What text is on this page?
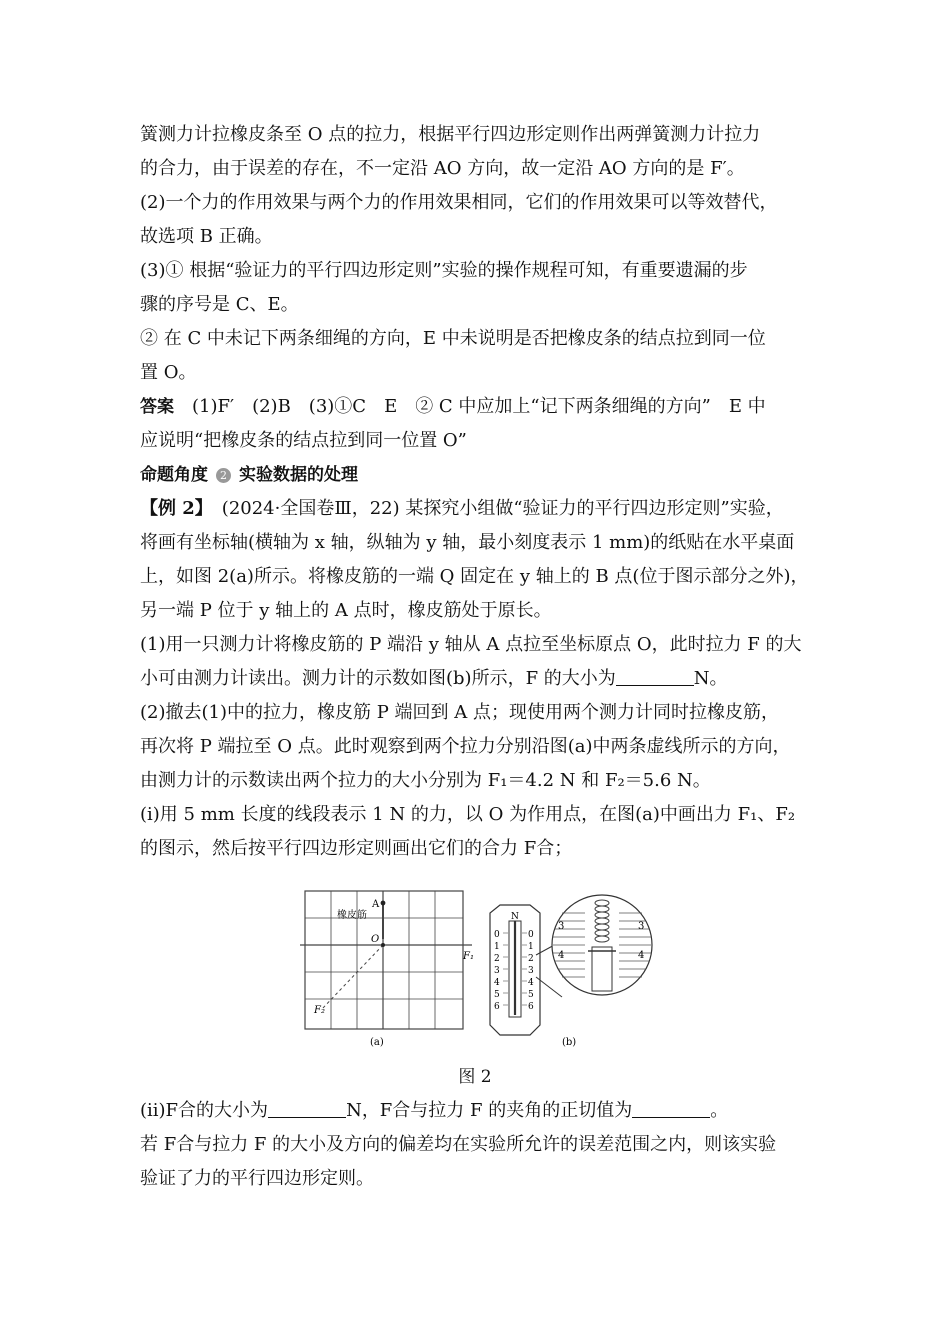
簧测力计拉橡皮条至 O 点的拉力，根据平行四边形定则作出两弹簧测力计拉力
的合力，由于误差的存在，不一定沿 AO 方向，故一定沿 AO 方向的是 F′。
(2)一个力的作用效果与两个力的作用效果相同，它们的作用效果可以等效替代，
故选项 B 正确。
(3)① 根据“验证力的平行四边形定则”实验的操作规程可知，有重要遗漏的步
骤的序号是 C、E。
② 在 C 中未记下两条细绳的方向，E 中未说明是否把橡皮条的结点拉到同一位
置 O。
答案　 (1)F′　(2)B　(3)①C　E　② C 中应加上“记下两条细绳的方向”　E 中
应说明“把橡皮条的结点拉到同一位置 O”
命题角度 2 实验数据的处理
【例 2】　 (2024·全国卷Ⅲ，22) 某探究小组做“验证力的平行四边形定则”实验，
将画有坐标轴(横轴为 x 轴，纵轴为 y 轴，最小刻度表示 1 mm)的纸贴在水平桌面
上，如图 2(a)所示。将橡皮筋的一端 Q 固定在 y 轴上的 B 点(位于图示部分之外)，
另一端 P 位于 y 轴上的 A 点时，橡皮筋处于原长。
(1)用一只测力计将橡皮筋的 P 端沿 y 轴从 A 点拉至坐标原点 O，此时拉力 F 的大
小可由测力计读出。测力计的示数如图(b)所示，F 的大小为	N。
(2)撤去(1)中的拉力，橡皮筋 P 端回到 A 点；现使用两个测力计同时拉橡皮筋，
再次将 P 端拉至 O 点。此时观察到两个拉力分别沿图(a)中两条虚线所示的方向，
由测力计的示数读出两个拉力的大小分别为 F₁＝4.2 N 和 F₂＝5.6 N。
(ⅰ)用 5 mm 长度的线段表示 1 N 的力，以 O 为作用点，在图(a)中画出力 F₁、F₂
的图示，然后按平行四边形定则画出它们的合力 F合；
A
橡皮筋
O
F₁
F₂
(a)
N
0
1
2
3
4
5
6
0
1
2
3
4
5
6
3
4
3
4
(b)
图 2
(ⅱ)F合的大小为	N，F合与拉力 F 的夹角的正切值为	。
若 F合与拉力 F 的大小及方向的偏差均在实验所允许的误差范围之内，则该实验
验证了力的平行四边形定则。
